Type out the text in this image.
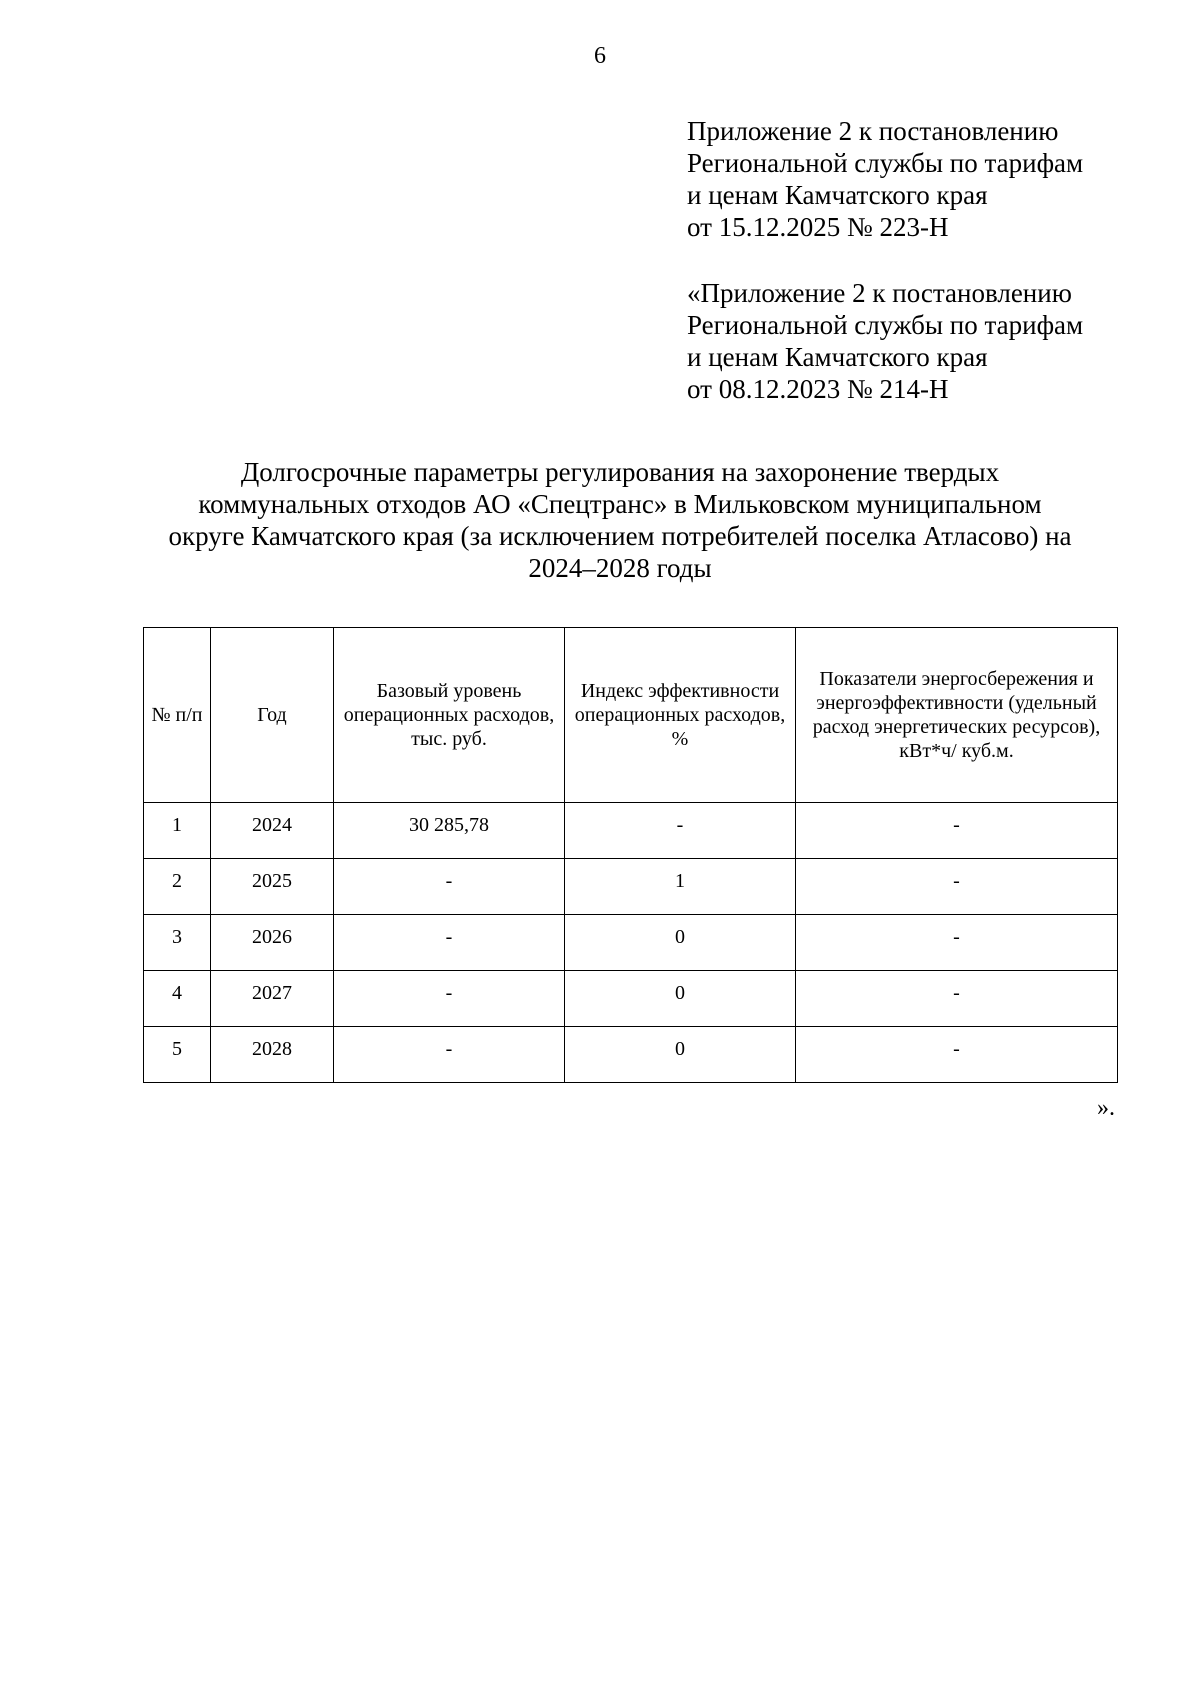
6
Приложение 2 к постановлению
Региональной службы по тарифам
и ценам Камчатского края
от 15.12.2025 № 223-Н
«Приложение 2 к постановлению
Региональной службы по тарифам
и ценам Камчатского края
от 08.12.2023 № 214-Н
Долгосрочные параметры регулирования на захоронение твердых
коммунальных отходов АО «Спецтранс» в Мильковском муниципальном
округе Камчатского края (за исключением потребителей поселка Атласово) на
2024–2028 годы
№ п/п	Год	Базовый уровень операционных расходов, тыс. руб.	Индекс эффективности операционных расходов, %	Показатели энергосбережения и энергоэффективности (удельный расход энергетических ресурсов), кВт*ч/ куб.м.
1	2024	30 285,78	-	-
2	2025	-	1	-
3	2026	-	0	-
4	2027	-	0	-
5	2028	-	0	-
».
